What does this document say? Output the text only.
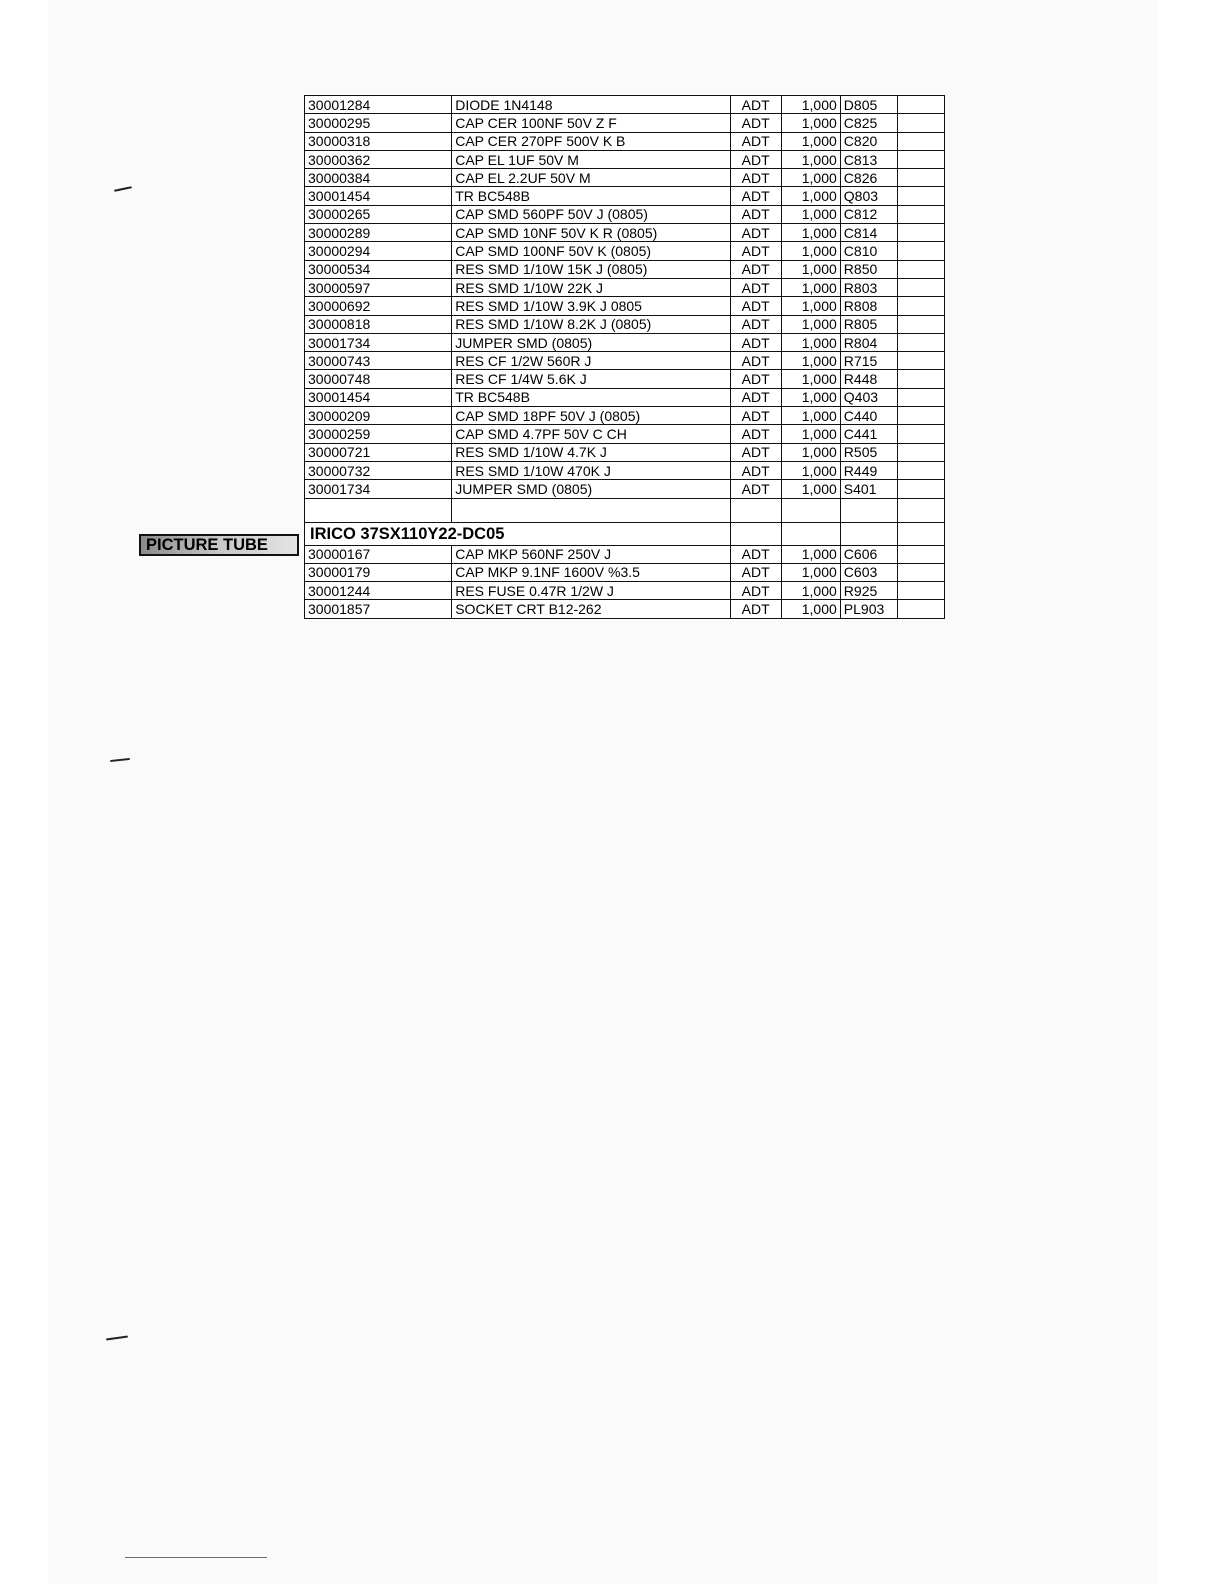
30001284	DIODE 1N4148	ADT	1,000	D805	
30000295	CAP CER 100NF 50V Z F	ADT	1,000	C825	
30000318	CAP CER 270PF 500V K B	ADT	1,000	C820	
30000362	CAP EL 1UF 50V M	ADT	1,000	C813	
30000384	CAP EL 2.2UF 50V M	ADT	1,000	C826	
30001454	TR BC548B	ADT	1,000	Q803	
30000265	CAP SMD 560PF 50V J (0805)	ADT	1,000	C812	
30000289	CAP SMD 10NF 50V K R (0805)	ADT	1,000	C814	
30000294	CAP SMD 100NF 50V K (0805)	ADT	1,000	C810	
30000534	RES SMD 1/10W 15K J (0805)	ADT	1,000	R850	
30000597	RES SMD 1/10W 22K J	ADT	1,000	R803	
30000692	RES SMD 1/10W 3.9K J 0805	ADT	1,000	R808	
30000818	RES SMD 1/10W 8.2K J (0805)	ADT	1,000	R805	
30001734	JUMPER SMD (0805)	ADT	1,000	R804	
30000743	RES CF 1/2W 560R J	ADT	1,000	R715	
30000748	RES CF 1/4W 5.6K J	ADT	1,000	R448	
30001454	TR BC548B	ADT	1,000	Q403	
30000209	CAP SMD 18PF 50V J (0805)	ADT	1,000	C440	
30000259	CAP SMD 4.7PF 50V C CH	ADT	1,000	C441	
30000721	RES SMD 1/10W 4.7K J	ADT	1,000	R505	
30000732	RES SMD 1/10W 470K J	ADT	1,000	R449	
30001734	JUMPER SMD (0805)	ADT	1,000	S401	

IRICO 37SX110Y22-DC05					
30000167	CAP MKP 560NF 250V J	ADT	1,000	C606	
30000179	CAP MKP 9.1NF 1600V %3.5	ADT	1,000	C603	
30001244	RES FUSE 0.47R 1/2W J	ADT	1,000	R925	
30001857	SOCKET CRT B12-262	ADT	1,000	PL903	
PICTURE TUBE
